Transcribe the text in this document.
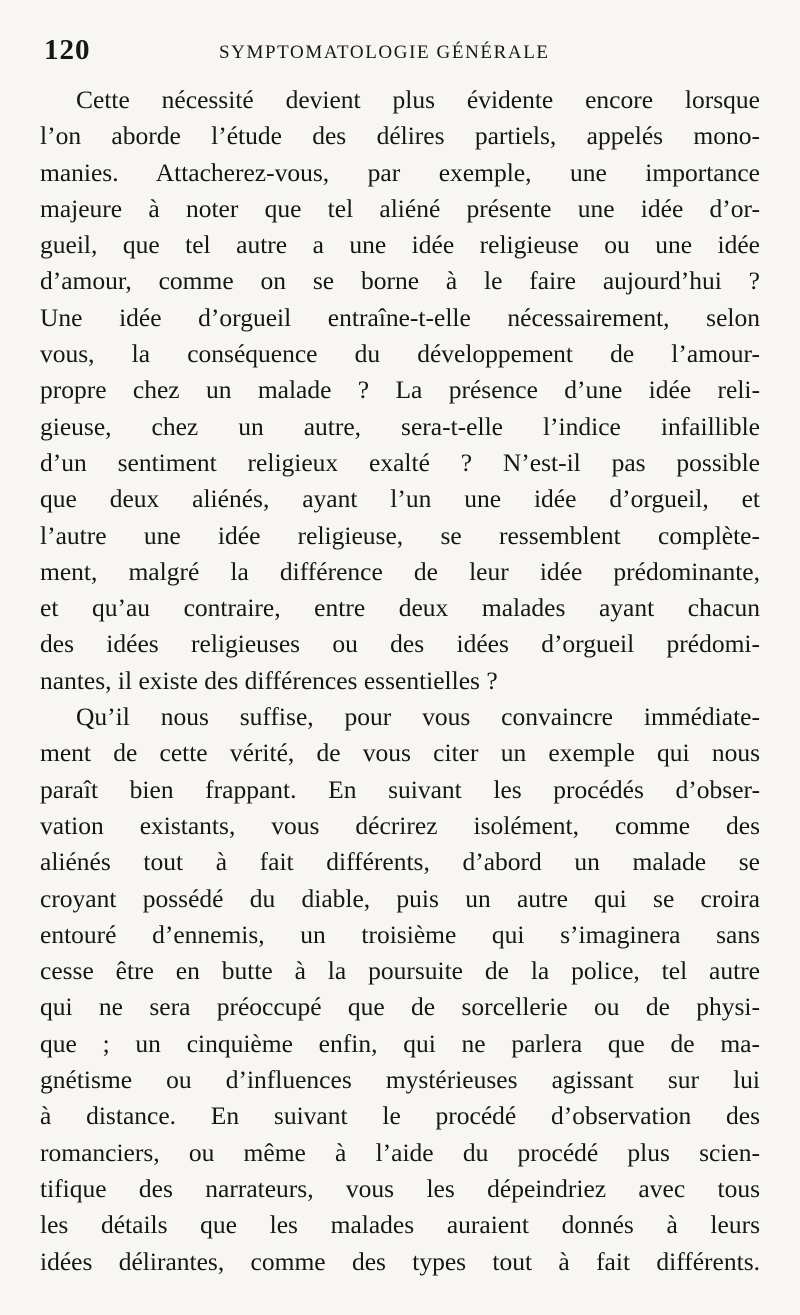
120	SYMPTOMATOLOGIE GÉNÉRALE
Cette nécessité devient plus évidente encore lorsque
l’on aborde l’étude des délires partiels, appelés mono-
manies. Attacherez-vous, par exemple, une importance
majeure à noter que tel aliéné présente une idée d’or-
gueil, que tel autre a une idée religieuse ou une idée
d’amour, comme on se borne à le faire aujourd’hui ?
Une idée d’orgueil entraîne-t-elle nécessairement, selon
vous, la conséquence du développement de l’amour-
propre chez un malade ? La présence d’une idée reli-
gieuse, chez un autre, sera-t-elle l’indice infaillible
d’un sentiment religieux exalté ? N’est-il pas possible
que deux aliénés, ayant l’un une idée d’orgueil, et
l’autre une idée religieuse, se ressemblent complète-
ment, malgré la différence de leur idée prédominante,
et qu’au contraire, entre deux malades ayant chacun
des idées religieuses ou des idées d’orgueil prédomi-
nantes, il existe des différences essentielles ?
Qu’il nous suffise, pour vous convaincre immédiate-
ment de cette vérité, de vous citer un exemple qui nous
paraît bien frappant. En suivant les procédés d’obser-
vation existants, vous décrirez isolément, comme des
aliénés tout à fait différents, d’abord un malade se
croyant possédé du diable, puis un autre qui se croira
entouré d’ennemis, un troisième qui s’imaginera sans
cesse être en butte à la poursuite de la police, tel autre
qui ne sera préoccupé que de sorcellerie ou de physi-
que ; un cinquième enfin, qui ne parlera que de ma-
gnétisme ou d’influences mystérieuses agissant sur lui
à distance. En suivant le procédé d’observation des
romanciers, ou même à l’aide du procédé plus scien-
tifique des narrateurs, vous les dépeindriez avec tous
les détails que les malades auraient donnés à leurs
idées délirantes, comme des types tout à fait différents.
